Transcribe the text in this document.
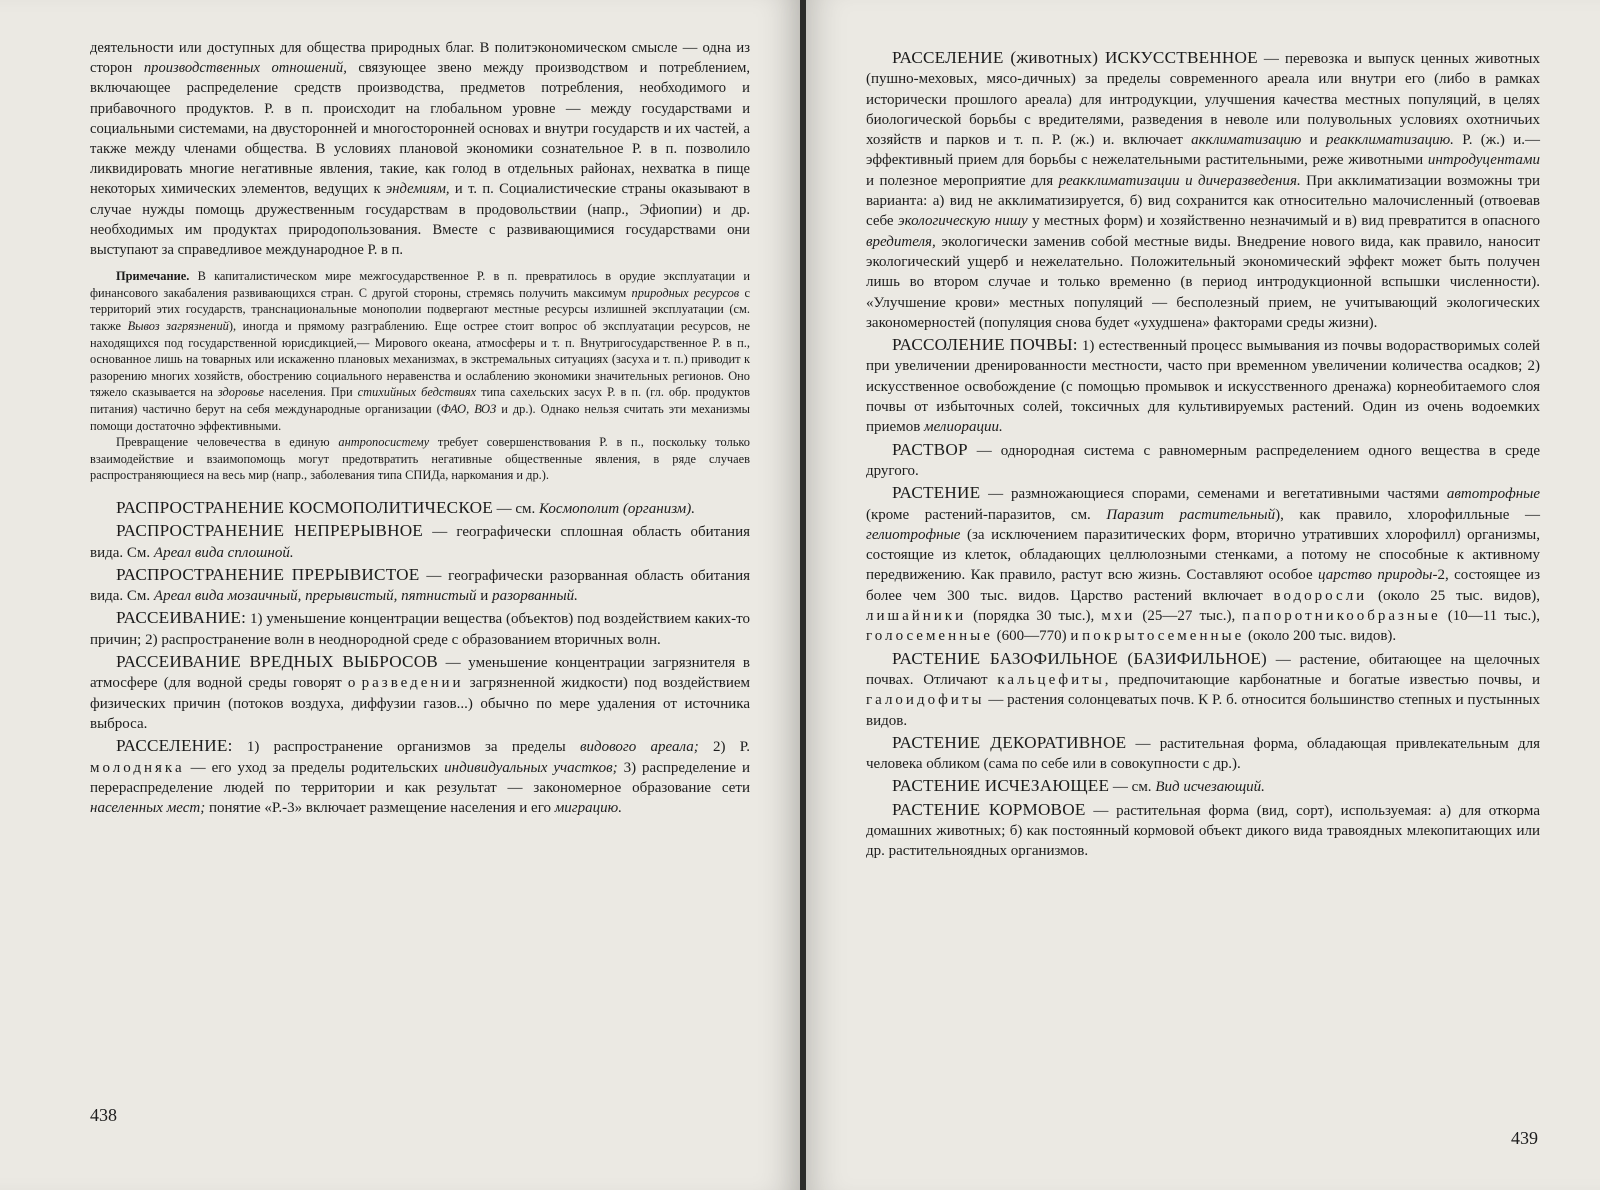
деятельности или доступных для общества природных благ. В политэкономическом смысле — одна из сторон производственных отношений, связующее звено между производством и потреблением, включающее распределение средств производства, предметов потребления, необходимого и прибавочного продуктов. Р. в п. происходит на глобальном уровне — между государствами и социальными системами, на двусторонней и многосторонней основах и внутри государств и их частей, а также между членами общества. В условиях плановой экономики сознательное Р. в п. позволило ликвидировать многие негативные явления, такие, как голод в отдельных районах, нехватка в пище некоторых химических элементов, ведущих к эндемиям, и т. п. Социалистические страны оказывают в случае нужды помощь дружественным государствам в продовольствии (напр., Эфиопии) и др. необходимых им продуктах природопользования. Вместе с развивающимися государствами они выступают за справедливое международное Р. в п.

Примечание. В капиталистическом мире межгосударственное Р. в п. превратилось в орудие эксплуатации и финансового закабаления развивающихся стран. С другой стороны, стремясь получить максимум природных ресурсов с территорий этих государств, транснациональные монополии подвергают местные ресурсы излишней эксплуатации (см. также Вывоз загрязнений), иногда и прямому разграблению. Еще острее стоит вопрос об эксплуатации ресурсов, не находящихся под государственной юрисдикцией,— Мирового океана, атмосферы и т. п. Внутригосударственное Р. в п., основанное лишь на товарных или искаженно плановых механизмах, в экстремальных ситуациях (засуха и т. п.) приводит к разорению многих хозяйств, обострению социального неравенства и ослаблению экономики значительных регионов. Оно тяжело сказывается на здоровье населения. При стихийных бедствиях типа сахельских засух Р. в п. (гл. обр. продуктов питания) частично берут на себя международные организации (ФАО, ВОЗ и др.). Однако нельзя считать эти механизмы помощи достаточно эффективными.

Превращение человечества в единую антропосистему требует совершенствования Р. в п., поскольку только взаимодействие и взаимопомощь могут предотвратить негативные общественные явления, в ряде случаев распространяющиеся на весь мир (напр., заболевания типа СПИДа, наркомания и др.).

РАСПРОСТРАНЕНИЕ КОСМОПОЛИТИЧЕСКОЕ — см. Космополит (организм).

РАСПРОСТРАНЕНИЕ НЕПРЕРЫВНОЕ — географически сплошная область обитания вида. См. Ареал вида сплошной.

РАСПРОСТРАНЕНИЕ ПРЕРЫВИСТОЕ — географически разорванная область обитания вида. См. Ареал вида мозаичный, прерывистый, пятнистый и разорванный.

РАССЕИВАНИЕ: 1) уменьшение концентрации вещества (объектов) под воздействием каких-то причин; 2) распространение волн в неоднородной среде с образованием вторичных волн.

РАССЕИВАНИЕ ВРЕДНЫХ ВЫБРОСОВ — уменьшение концентрации загрязнителя в атмосфере (для водной среды говорят о разведении загрязненной жидкости) под воздействием физических причин (потоков воздуха, диффузии газов...) обычно по мере удаления от источника выброса.

РАССЕЛЕНИЕ: 1) распространение организмов за пределы видового ареала; 2) Р. молодняка — его уход за пределы родительских индивидуальных участков; 3) распределение и перераспределение людей по территории и как результат — закономерное образование сети населенных мест; понятие «Р.-3» включает размещение населения и его миграцию.

438

РАССЕЛЕНИЕ (животных) ИСКУССТВЕННОЕ — перевозка и выпуск ценных животных (пушно-меховых, мясо-дичных) за пределы современного ареала или внутри его (либо в рамках исторически прошлого ареала) для интродукции, улучшения качества местных популяций, в целях биологической борьбы с вредителями, разведения в неволе или полувольных условиях охотничьих хозяйств и парков и т. п. Р. (ж.) и. включает акклиматизацию и реакклиматизацию. Р. (ж.) и.— эффективный прием для борьбы с нежелательными растительными, реже животными интродуцентами и полезное мероприятие для реакклиматизации и дичеразведения. При акклиматизации возможны три варианта: а) вид не акклиматизируется, б) вид сохранится как относительно малочисленный (отвоевав себе экологическую нишу у местных форм) и хозяйственно незначимый и в) вид превратится в опасного вредителя, экологически заменив собой местные виды. Внедрение нового вида, как правило, наносит экологический ущерб и нежелательно. Положительный экономический эффект может быть получен лишь во втором случае и только временно (в период интродукционной вспышки численности). «Улучшение крови» местных популяций — бесполезный прием, не учитывающий экологических закономерностей (популяция снова будет «ухудшена» факторами среды жизни).

РАССОЛЕНИЕ ПОЧВЫ: 1) естественный процесс вымывания из почвы водорастворимых солей при увеличении дренированности местности, часто при временном увеличении количества осадков; 2) искусственное освобождение (с помощью промывок и искусственного дренажа) корнеобитаемого слоя почвы от избыточных солей, токсичных для культивируемых растений. Один из очень водоемких приемов мелиорации.

РАСТВОР — однородная система с равномерным распределением одного вещества в среде другого.

РАСТЕНИЕ — размножающиеся спорами, семенами и вегетативными частями автотрофные (кроме растений-паразитов, см. Паразит растительный), как правило, хлорофилльные — гелиотрофные (за исключением паразитических форм, вторично утративших хлорофилл) организмы, состоящие из клеток, обладающих целлюлозными стенками, а потому не способные к активному передвижению. Как правило, растут всю жизнь. Составляют особое царство природы-2, состоящее из более чем 300 тыс. видов. Царство растений включает водоросли (около 25 тыс. видов), лишайники (порядка 30 тыс.), мхи (25—27 тыс.), папоротникообразные (10—11 тыс.), голосеменные (600—770) и покрытосеменные (около 200 тыс. видов).

РАСТЕНИЕ БАЗОФИЛЬНОЕ (БАЗИФИЛЬНОЕ) — растение, обитающее на щелочных почвах. Отличают кальцефиты, предпочитающие карбонатные и богатые известью почвы, и галоидофиты — растения солонцеватых почв. К Р. б. относится большинство степных и пустынных видов.

РАСТЕНИЕ ДЕКОРАТИВНОЕ — растительная форма, обладающая привлекательным для человека обликом (сама по себе или в совокупности с др.).

РАСТЕНИЕ ИСЧЕЗАЮЩЕЕ — см. Вид исчезающий.

РАСТЕНИЕ КОРМОВОЕ — растительная форма (вид, сорт), используемая: а) для откорма домашних животных; б) как постоянный кормовой объект дикого вида травоядных млекопитающих или др. растительноядных организмов.

439
